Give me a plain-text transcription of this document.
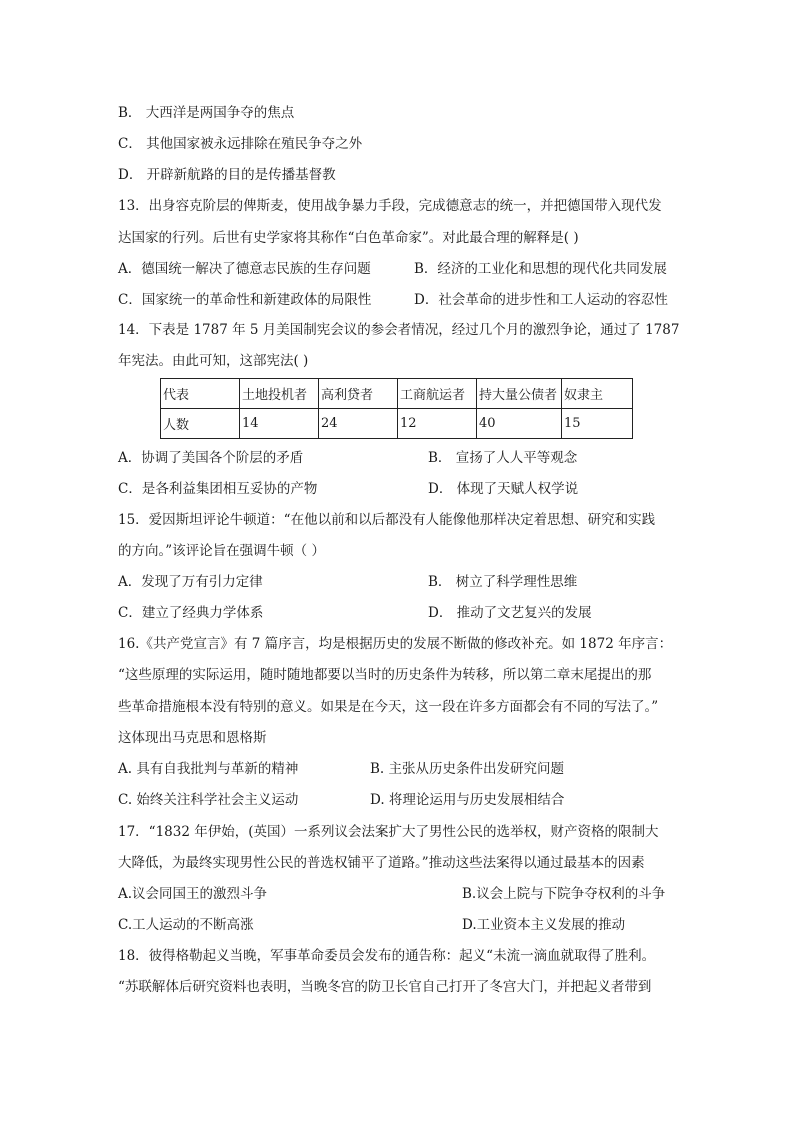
B． 大西洋是两国争夺的焦点
C． 其他国家被永远排除在殖民争夺之外
D． 开辟新航路的目的是传播基督教
13．出身容克阶层的俾斯麦，使用战争暴力手段，完成德意志的统一，并把德国带入现代发
达国家的行列。后世有史学家将其称作“白色革命家”。对此最合理的解释是( )
A．德国统一解决了德意志民族的生存问题	B．经济的工业化和思想的现代化共同发展
C．国家统一的革命性和新建政体的局限性	D．社会革命的进步性和工人运动的容忍性
14．下表是 1787 年 5 月美国制宪会议的参会者情况，经过几个月的激烈争论，通过了 1787
年宪法。由此可知，这部宪法( )
代表	土地投机者	高利贷者	工商航运者	持大量公债者	奴隶主
人数	14	24	12	40	15
A．协调了美国各个阶层的矛盾	B． 宣扬了人人平等观念
C．是各利益集团相互妥协的产物	D． 体现了天赋人权学说
15．爱因斯坦评论牛顿道：“在他以前和以后都没有人能像他那样决定着思想、研究和实践
的方向。”该评论旨在强调牛顿（ ）
A．发现了万有引力定律	B． 树立了科学理性思维
C．建立了经典力学体系	D． 推动了文艺复兴的发展
16.《共产党宣言》有 7 篇序言，均是根据历史的发展不断做的修改补充。如 1872 年序言：
“这些原理的实际运用，随时随地都要以当时的历史条件为转移，所以第二章末尾提出的那
些革命措施根本没有特别的意义。如果是在今天，这一段在许多方面都会有不同的写法了。”
这体现出马克思和恩格斯
A. 具有自我批判与革新的精神	B. 主张从历史条件出发研究问题
C. 始终关注科学社会主义运动	D. 将理论运用与历史发展相结合
17．“1832 年伊始，(英国）一系列议会法案扩大了男性公民的选举权，财产资格的限制大
大降低，为最终实现男性公民的普选权铺平了道路。”推动这些法案得以通过最基本的因素
A.议会同国王的激烈斗争	B.议会上院与下院争夺权利的斗争
C.工人运动的不断高涨	D.工业资本主义发展的推动
18．彼得格勒起义当晚，军事革命委员会发布的通告称：起义“未流一滴血就取得了胜利。
“苏联解体后研究资料也表明，当晚冬宫的防卫长官自己打开了冬宫大门，并把起义者带到
